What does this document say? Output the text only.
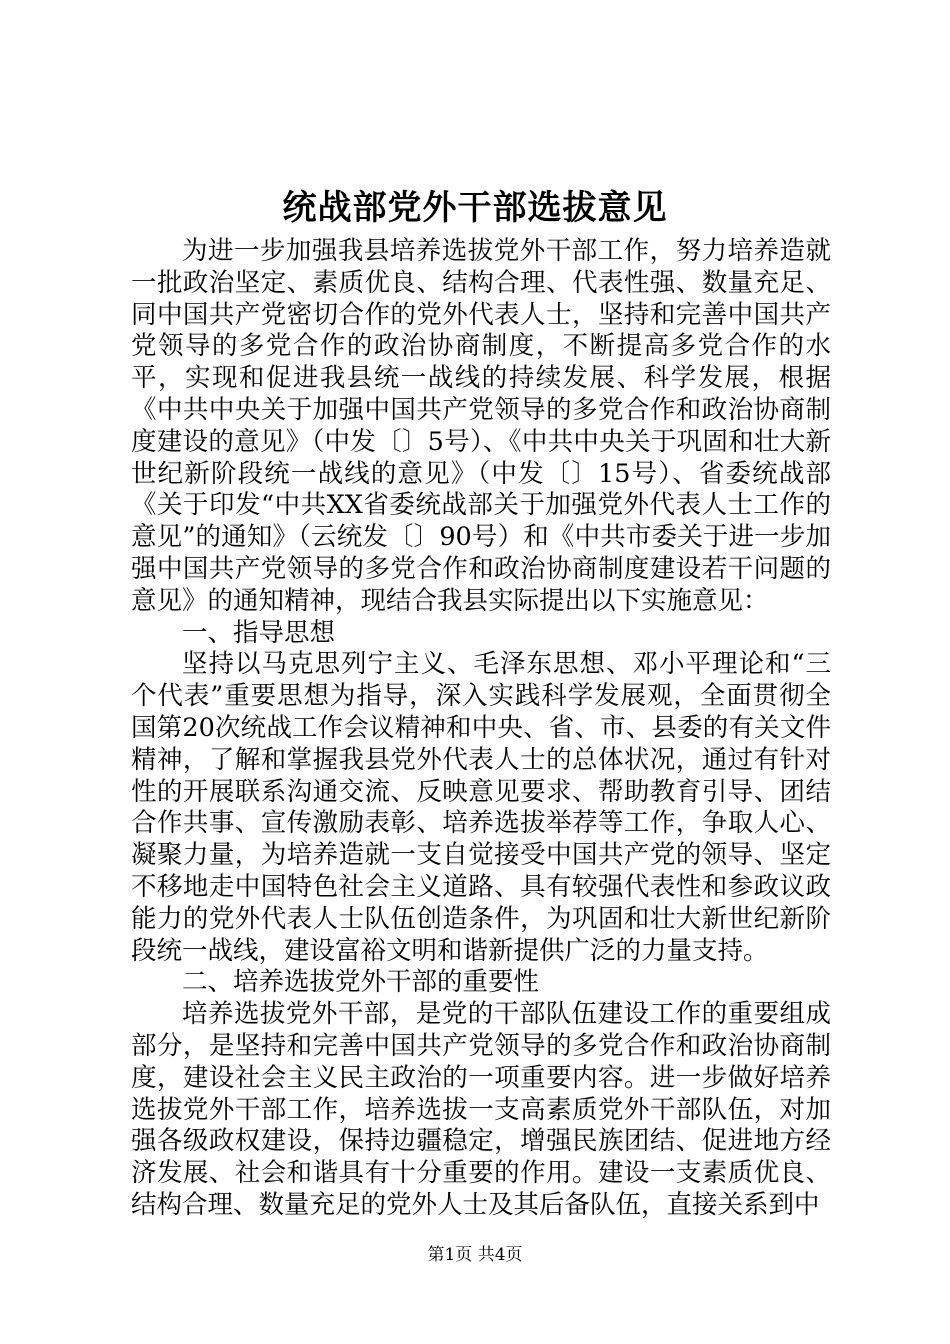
统战部党外干部选拔意见

为进一步加强我县培养选拔党外干部工作，努力培养造就一批政治坚定、素质优良、结构合理、代表性强、数量充足、同中国共产党密切合作的党外代表人士，坚持和完善中国共产党领导的多党合作的政治协商制度，不断提高多党合作的水平，实现和促进我县统一战线的持续发展、科学发展，根据《中共中央关于加强中国共产党领导的多党合作和政治协商制度建设的意见》（中发〔〕5号）、《中共中央关于巩固和壮大新世纪新阶段统一战线的意见》（中发〔〕15号）、省委统战部《关于印发“中共XX省委统战部关于加强党外代表人士工作的意见”的通知》（云统发〔〕90号）和《中共市委关于进一步加强中国共产党领导的多党合作和政治协商制度建设若干问题的意见》的通知精神，现结合我县实际提出以下实施意见：

一、指导思想

坚持以马克思列宁主义、毛泽东思想、邓小平理论和“三个代表”重要思想为指导，深入实践科学发展观，全面贯彻全国第20次统战工作会议精神和中央、省、市、县委的有关文件精神，了解和掌握我县党外代表人士的总体状况，通过有针对性的开展联系沟通交流、反映意见要求、帮助教育引导、团结合作共事、宣传激励表彰、培养选拔举荐等工作，争取人心、凝聚力量，为培养造就一支自觉接受中国共产党的领导、坚定不移地走中国特色社会主义道路、具有较强代表性和参政议政能力的党外代表人士队伍创造条件，为巩固和壮大新世纪新阶段统一战线，建设富裕文明和谐新提供广泛的力量支持。

二、培养选拔党外干部的重要性

培养选拔党外干部，是党的干部队伍建设工作的重要组成部分，是坚持和完善中国共产党领导的多党合作和政治协商制度，建设社会主义民主政治的一项重要内容。进一步做好培养选拔党外干部工作，培养选拔一支高素质党外干部队伍，对加强各级政权建设，保持边疆稳定，增强民族团结、促进地方经济发展、社会和谐具有十分重要的作用。建设一支素质优良、结构合理、数量充足的党外人士及其后备队伍，直接关系到中

第1页 共4页
